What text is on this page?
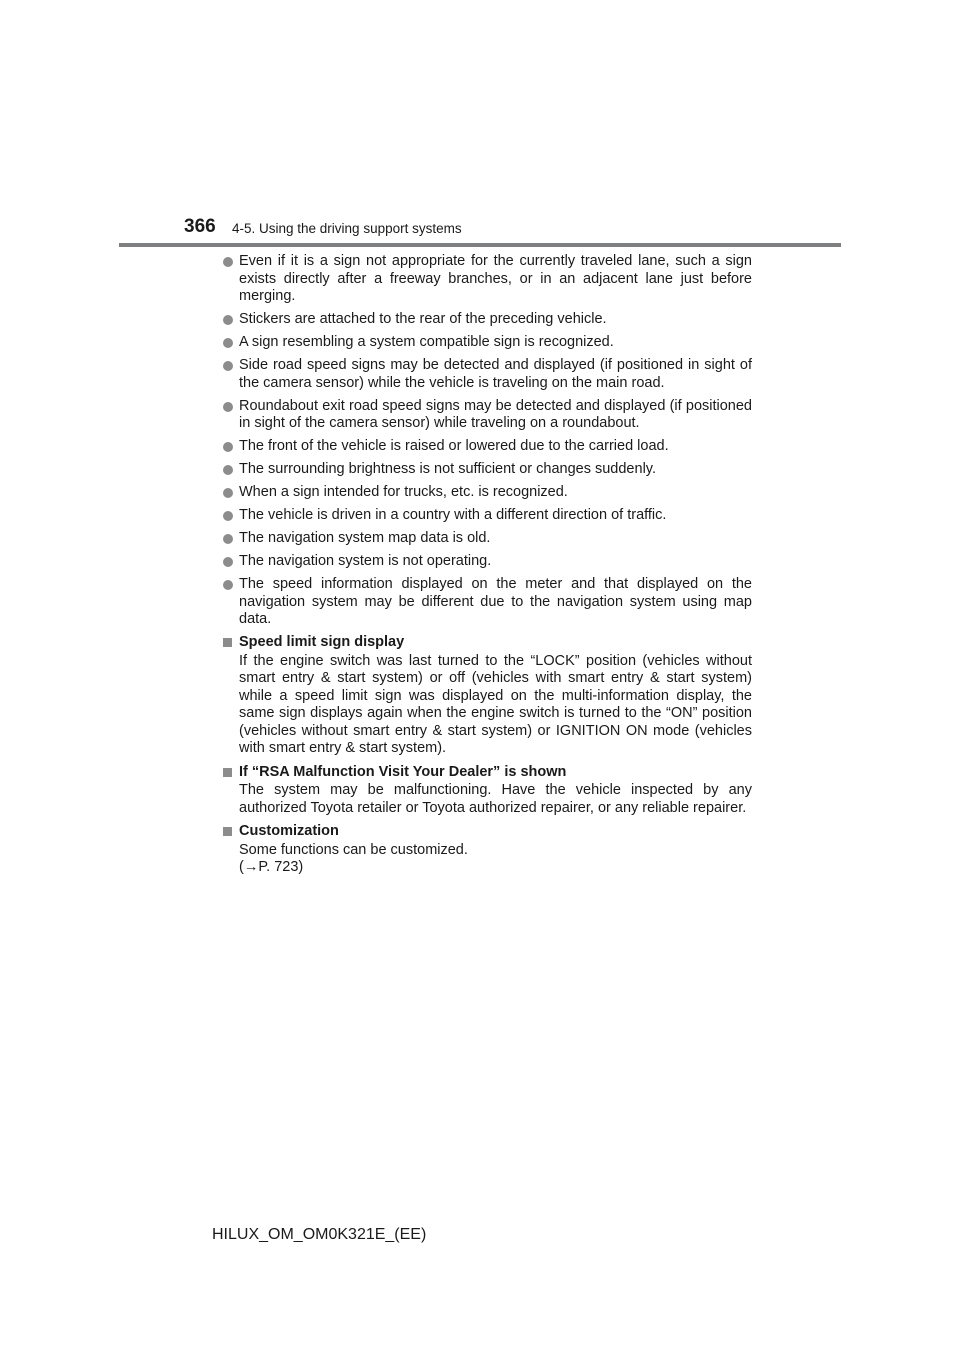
366 4-5. Using the driving support systems
Even if it is a sign not appropriate for the currently traveled lane, such a sign exists directly after a freeway branches, or in an adjacent lane just before merging.
Stickers are attached to the rear of the preceding vehicle.
A sign resembling a system compatible sign is recognized.
Side road speed signs may be detected and displayed (if positioned in sight of the camera sensor) while the vehicle is traveling on the main road.
Roundabout exit road speed signs may be detected and displayed (if positioned in sight of the camera sensor) while traveling on a roundabout.
The front of the vehicle is raised or lowered due to the carried load.
The surrounding brightness is not sufficient or changes suddenly.
When a sign intended for trucks, etc. is recognized.
The vehicle is driven in a country with a different direction of traffic.
The navigation system map data is old.
The navigation system is not operating.
The speed information displayed on the meter and that displayed on the navigation system may be different due to the navigation system using map data.
Speed limit sign display
If the engine switch was last turned to the “LOCK” position (vehicles without smart entry & start system) or off (vehicles with smart entry & start system) while a speed limit sign was displayed on the multi-information display, the same sign displays again when the engine switch is turned to the “ON” position (vehicles without smart entry & start system) or IGNITION ON mode (vehicles with smart entry & start system).
If “RSA Malfunction Visit Your Dealer” is shown
The system may be malfunctioning. Have the vehicle inspected by any authorized Toyota retailer or Toyota authorized repairer, or any reliable repairer.
Customization
Some functions can be customized.
(→P. 723)
HILUX_OM_OM0K321E_(EE)
